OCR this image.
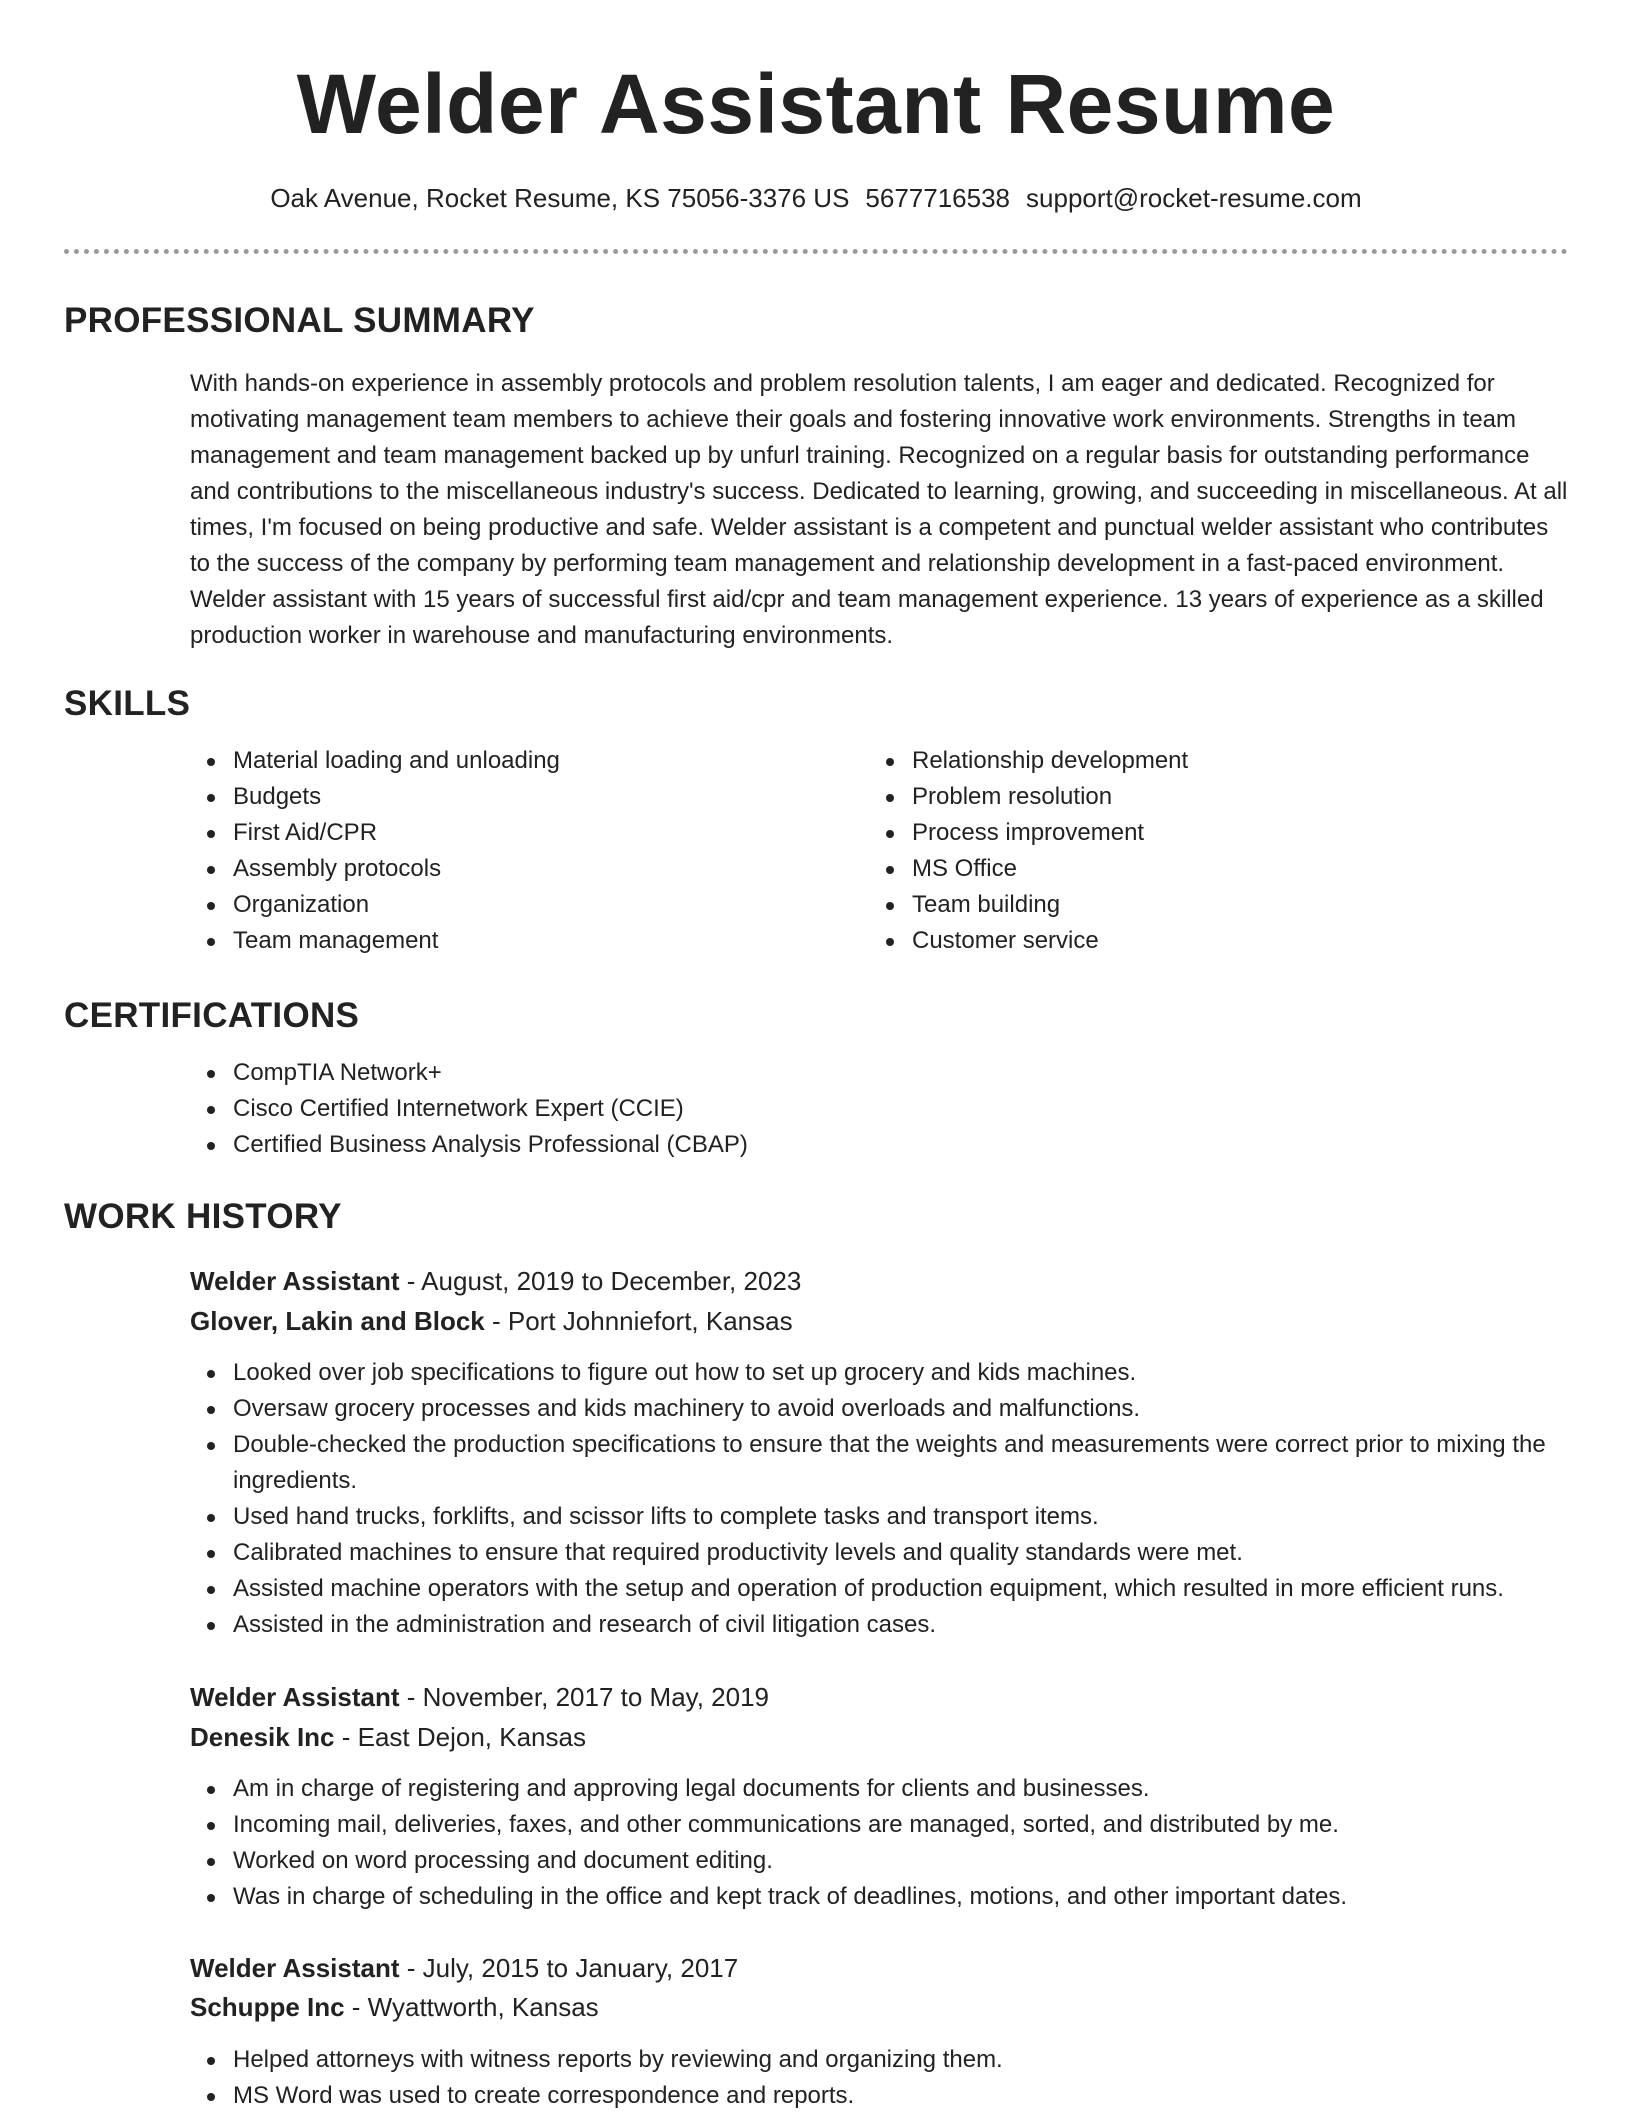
Welder Assistant Resume
Oak Avenue, Rocket Resume, KS 75056-3376 US 5677716538 support@rocket-resume.com
PROFESSIONAL SUMMARY

With hands-on experience in assembly protocols and problem resolution talents, I am eager and dedicated. Recognized for motivating management team members to achieve their goals and fostering innovative work environments. Strengths in team management and team management backed up by unfurl training. Recognized on a regular basis for outstanding performance and contributions to the miscellaneous industry's success. Dedicated to learning, growing, and succeeding in miscellaneous. At all times, I'm focused on being productive and safe. Welder assistant is a competent and punctual welder assistant who contributes to the success of the company by performing team management and relationship development in a fast-paced environment. Welder assistant with 15 years of successful first aid/cpr and team management experience. 13 years of experience as a skilled production worker in warehouse and manufacturing environments.

SKILLS
Material loading and unloading
Budgets
First Aid/CPR
Assembly protocols
Organization
Team management
Relationship development
Problem resolution
Process improvement
MS Office
Team building
Customer service
CERTIFICATIONS
CompTIA Network+
Cisco Certified Internetwork Expert (CCIE)
Certified Business Analysis Professional (CBAP)
WORK HISTORY
Welder Assistant - August, 2019 to December, 2023
Glover, Lakin and Block - Port Johnniefort, Kansas
Looked over job specifications to figure out how to set up grocery and kids machines.
Oversaw grocery processes and kids machinery to avoid overloads and malfunctions.
Double-checked the production specifications to ensure that the weights and measurements were correct prior to mixing the ingredients.
Used hand trucks, forklifts, and scissor lifts to complete tasks and transport items.
Calibrated machines to ensure that required productivity levels and quality standards were met.
Assisted machine operators with the setup and operation of production equipment, which resulted in more efficient runs.
Assisted in the administration and research of civil litigation cases.
Welder Assistant - November, 2017 to May, 2019
Denesik Inc - East Dejon, Kansas
Am in charge of registering and approving legal documents for clients and businesses.
Incoming mail, deliveries, faxes, and other communications are managed, sorted, and distributed by me.
Worked on word processing and document editing.
Was in charge of scheduling in the office and kept track of deadlines, motions, and other important dates.
Welder Assistant - July, 2015 to January, 2017
Schuppe Inc - Wyattworth, Kansas
Helped attorneys with witness reports by reviewing and organizing them.
MS Word was used to create correspondence and reports.
